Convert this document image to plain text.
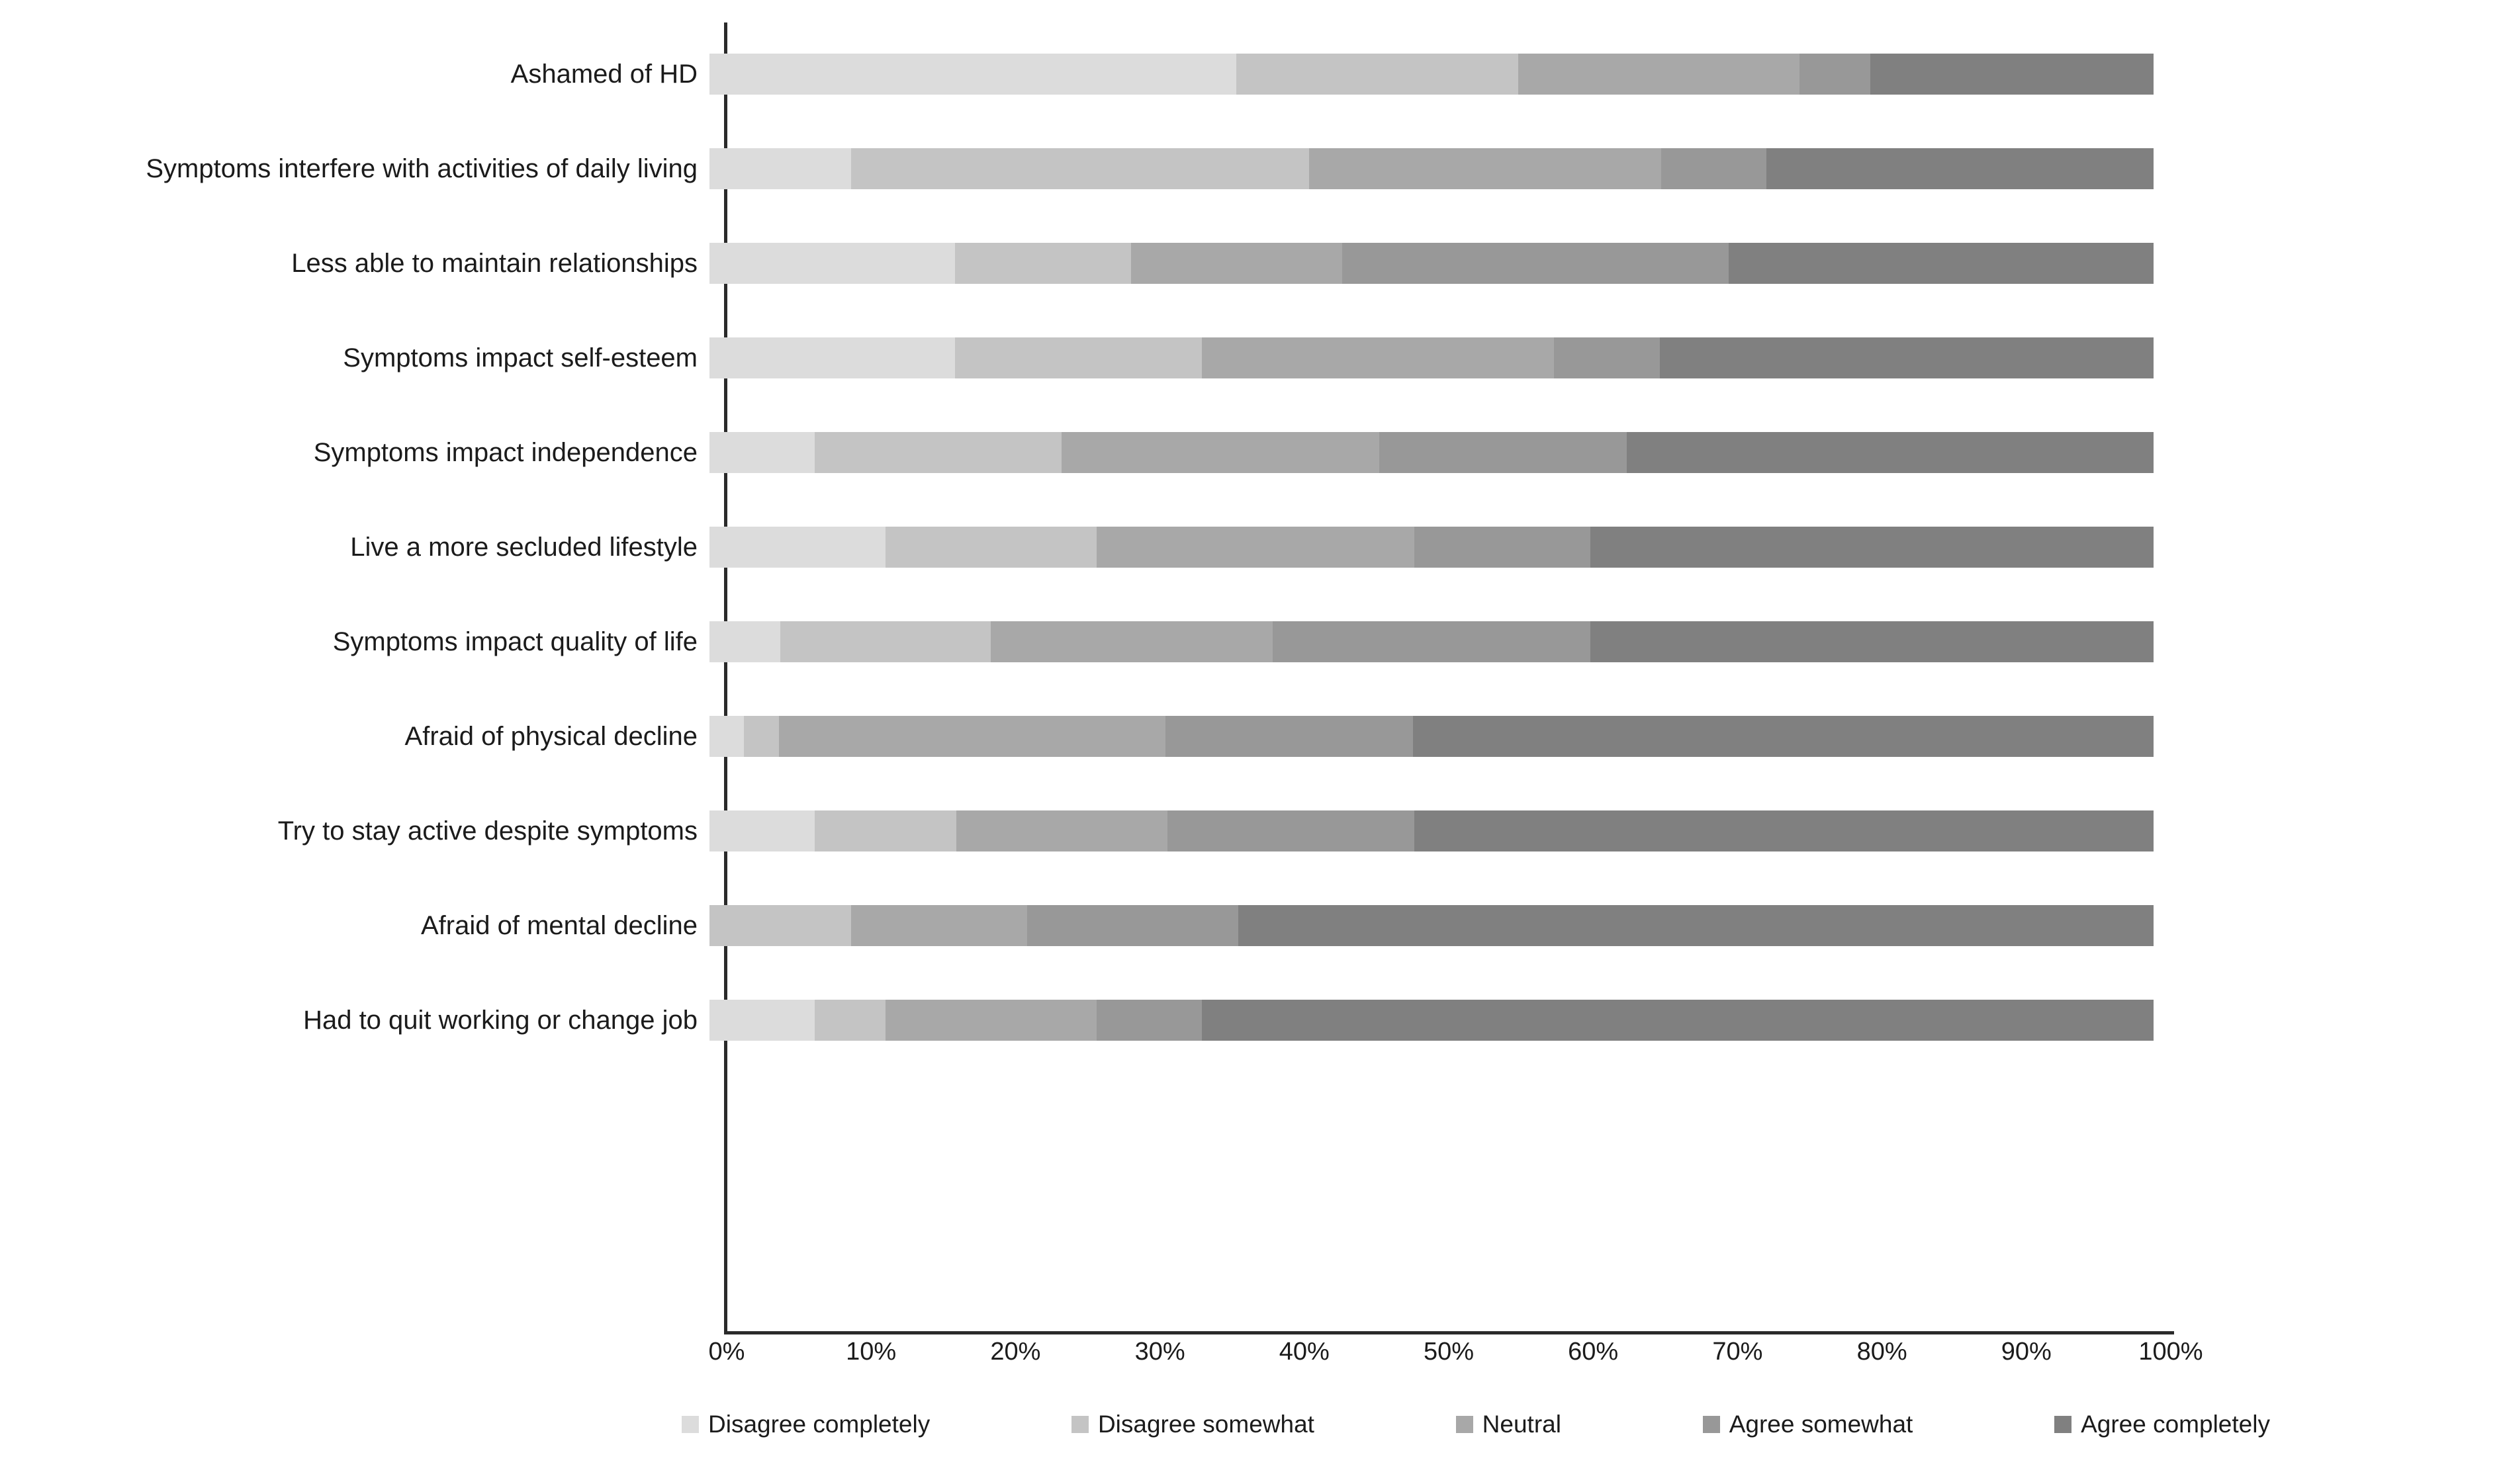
Ashamed of HD
Symptoms interfere with activities of daily living
Less able to maintain relationships
Symptoms impact self-esteem
Symptoms impact independence
Live a more secluded lifestyle
Symptoms impact quality of life
Afraid of physical decline
Try to stay active despite symptoms
Afraid of mental decline
Had to quit working or change job
0%	10%	20%	30%	40%	50%	60%	70%	80%	90%	100%
Disagree completely	Disagree somewhat	Neutral	Agree somewhat	Agree completely
